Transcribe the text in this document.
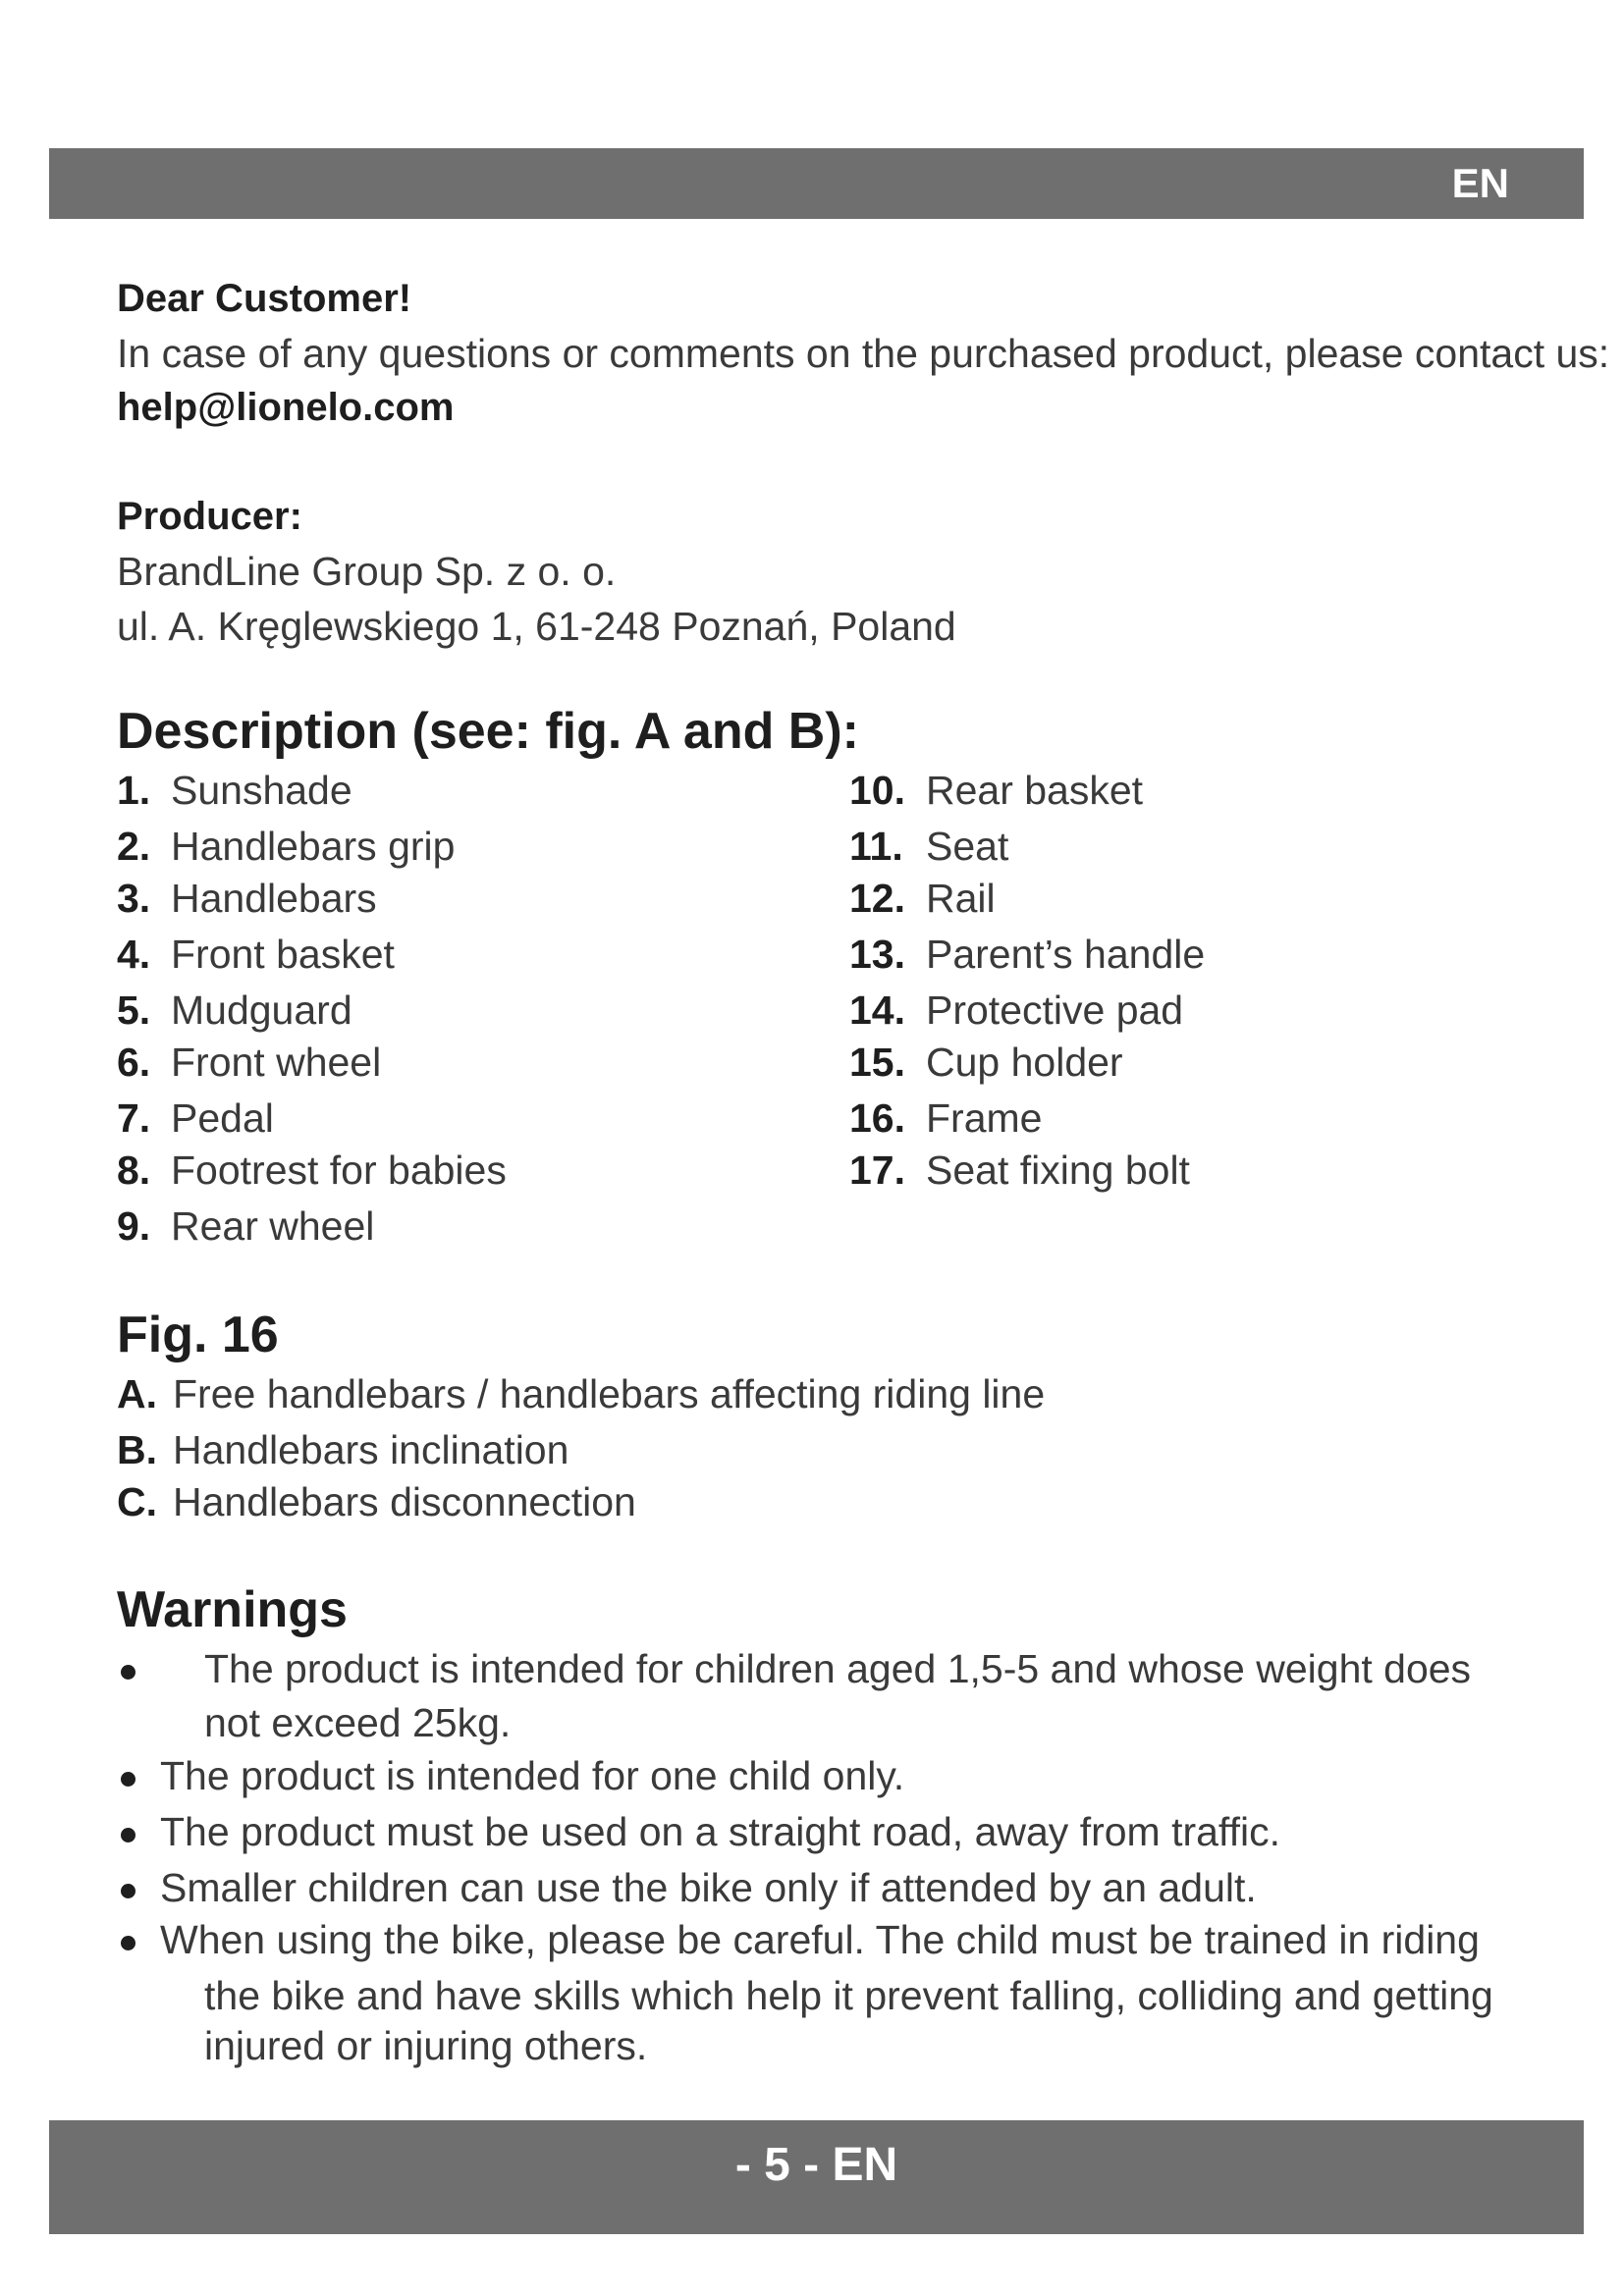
EN
Dear Customer!
In case of any questions or comments on the purchased product, please contact us:
help@lionelo.com
Producer:
BrandLine Group Sp. z o. o.
ul. A. Kręglewskiego 1, 61-248 Poznań, Poland
Description (see: fig. A and B):
1. Sunshade
2. Handlebars grip
3. Handlebars
4. Front basket
5. Mudguard
6. Front wheel
7. Pedal
8. Footrest for babies
9. Rear wheel
10. Rear basket
11. Seat
12. Rail
13. Parent’s handle
14. Protective pad
15. Cup holder
16. Frame
17. Seat fixing bolt
Fig. 16
A. Free handlebars / handlebars affecting riding line
B. Handlebars inclination
C. Handlebars disconnection
Warnings
The product is intended for children aged 1,5-5 and whose weight does
not exceed 25kg.
The product is intended for one child only.
The product must be used on a straight road, away from traffic.
Smaller children can use the bike only if attended by an adult.
When using the bike, please be careful. The child must be trained in riding
the bike and have skills which help it prevent falling, colliding and getting
injured or injuring others.
- 5 - EN
